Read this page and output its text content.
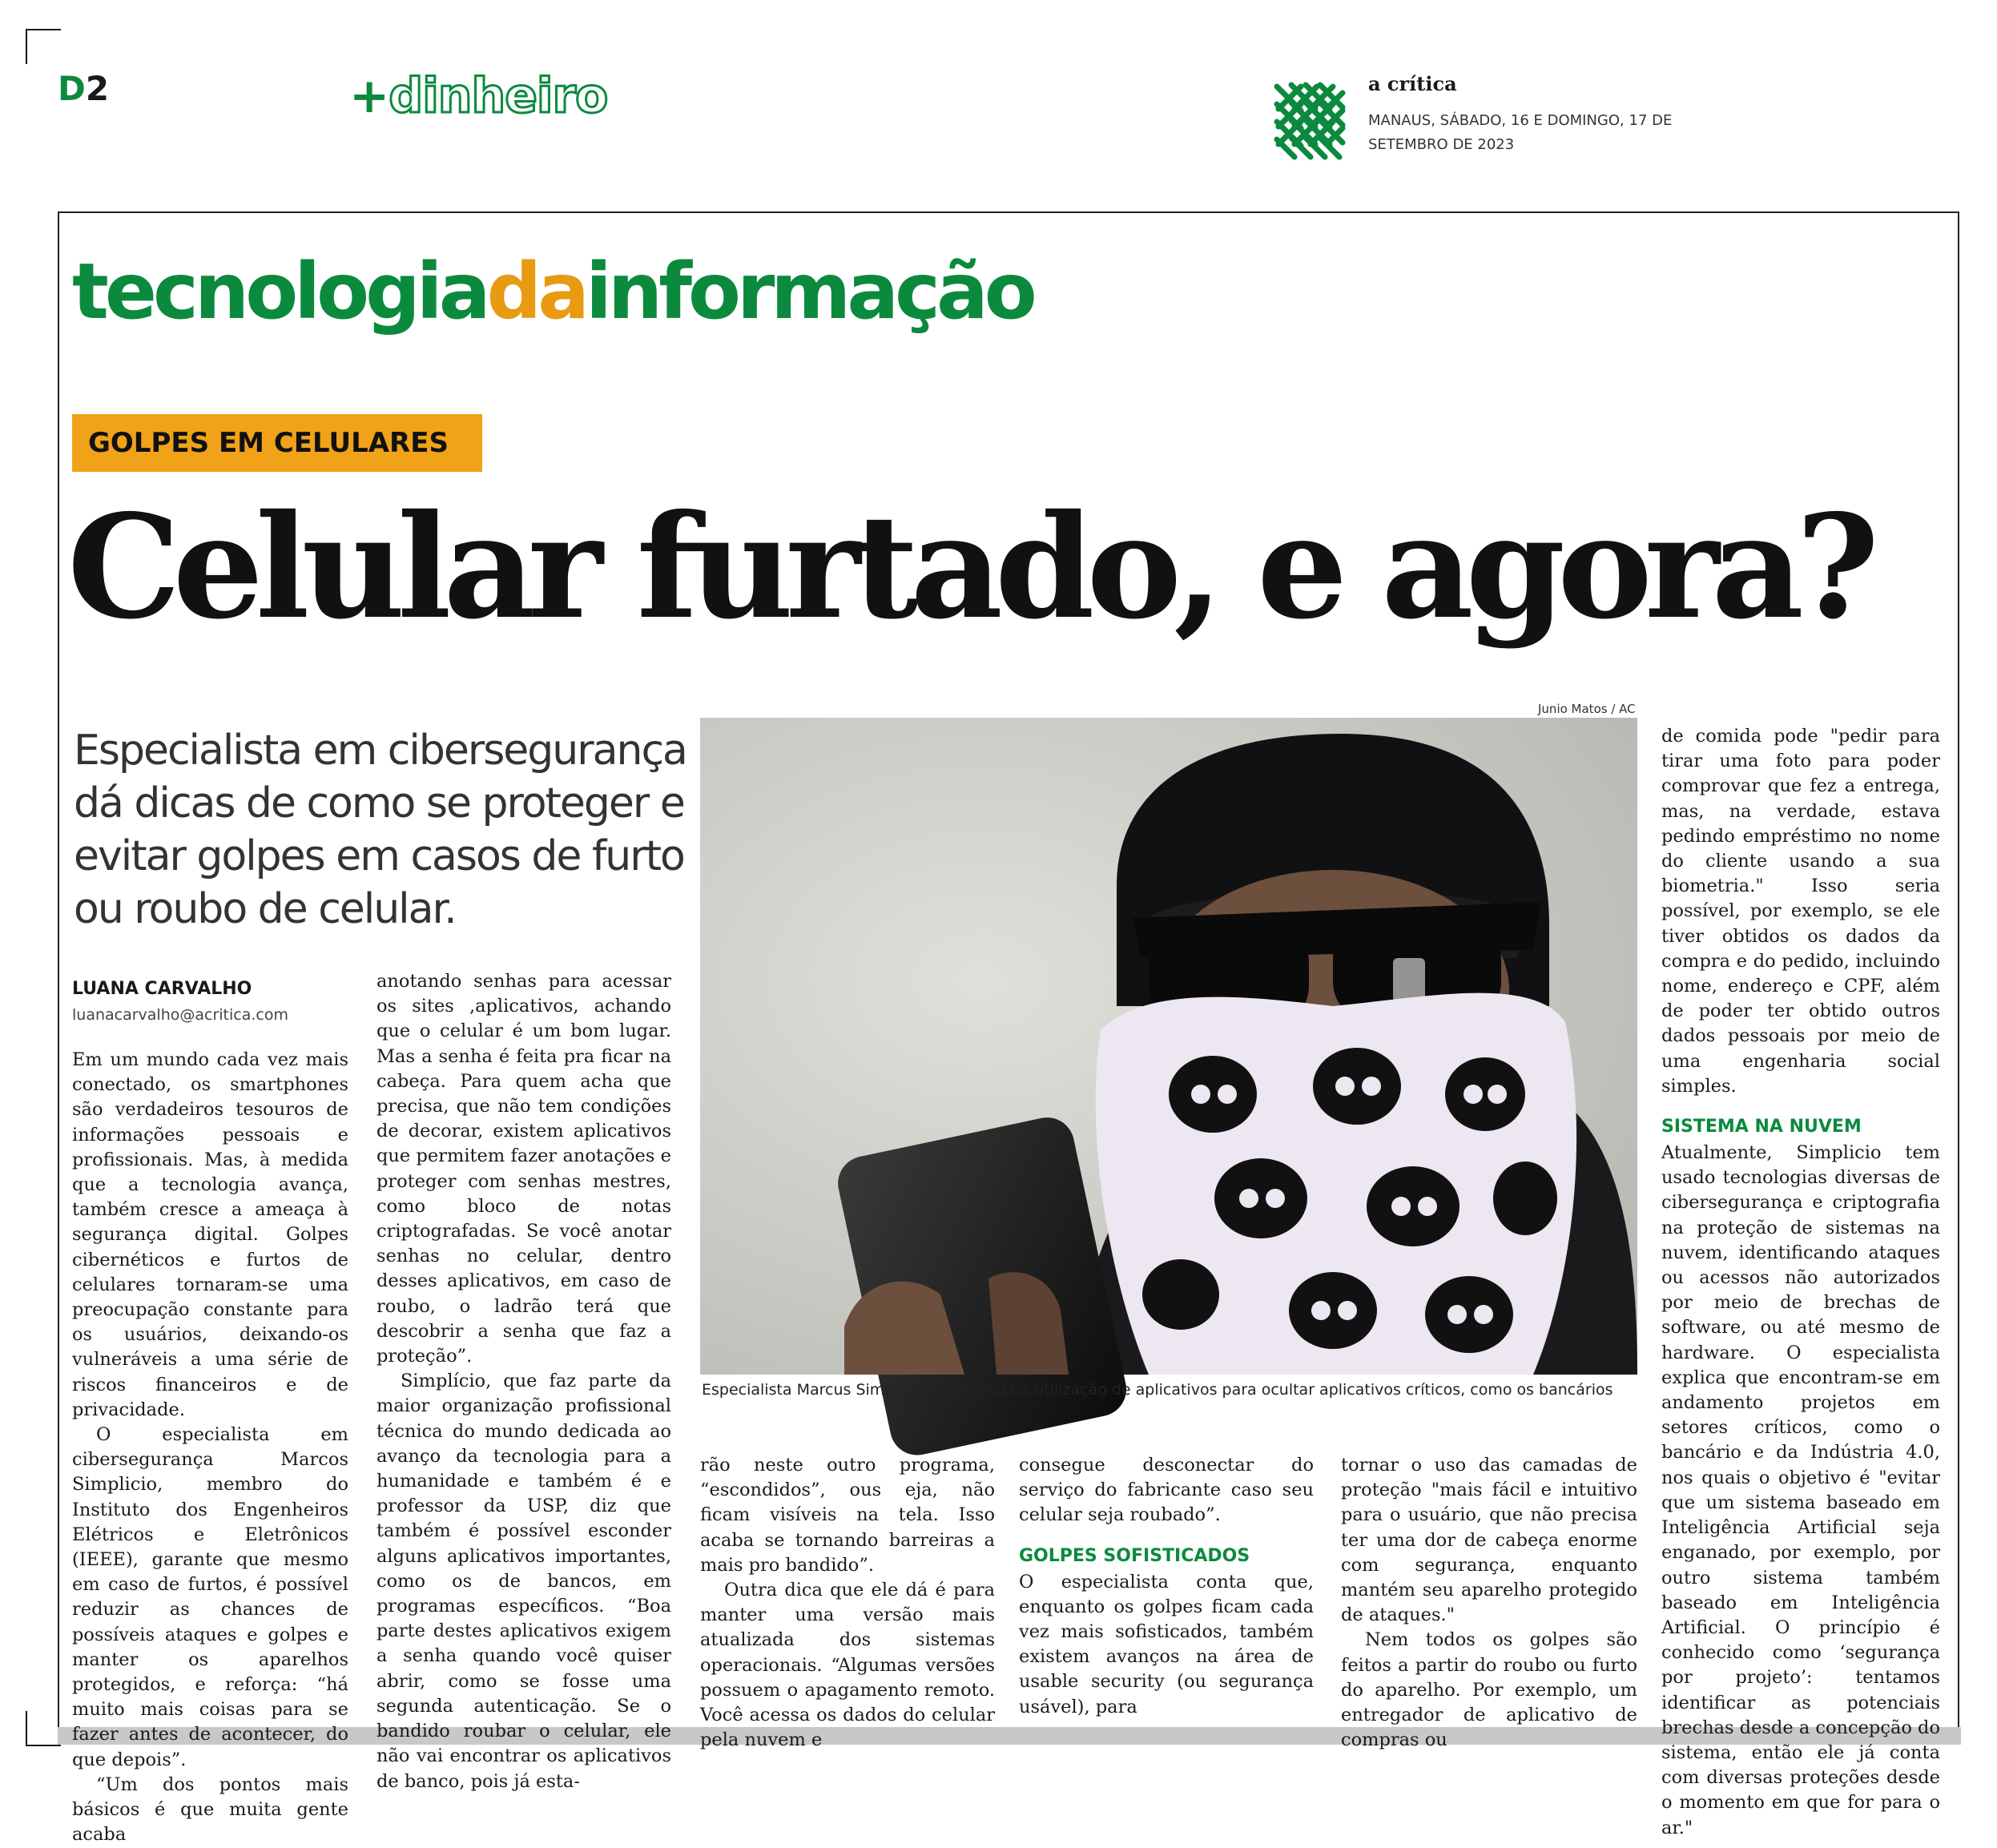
D2	+dinheiro	a crítica
MANAUS, SÁBADO, 16 E DOMINGO, 17 DE SETEMBRO DE 2023
tecnologiadainformação
GOLPES EM CELULARES
Celular furtado, e agora?
Especialista em cibersegurança dá dicas de como se proteger e evitar golpes em casos de furto ou roubo de celular.
Junio Matos / AC
Especialista Marcus Simplício recomenda a utilização de aplicativos para ocultar aplicativos críticos, como os bancários
LUANA CARVALHO
luanacarvalho@acritica.com

Em um mundo cada vez mais conectado, os smartphones são verdadeiros tesouros de informações pessoais e profissionais. Mas, à medida que a tecnologia avança, também cresce a ameaça à segurança digital. Golpes cibernéticos e furtos de celulares tornaram-se uma preocupação constante para os usuários, deixando-os vulneráveis a uma série de riscos financeiros e de privacidade.

O especialista em cibersegurança Marcos Simplicio, membro do Instituto dos Engenheiros Elétricos e Eletrônicos (IEEE), garante que mesmo em caso de furtos, é possível reduzir as chances de possíveis ataques e golpes e manter os aparelhos protegidos, e reforça: “há muito mais coisas para se fazer antes de acontecer, do que depois”.

“Um dos pontos mais básicos é que muita gente acaba

anotando senhas para acessar os sites ,aplicativos, achando que o celular é um bom lugar. Mas a senha é feita pra ficar na cabeça. Para quem acha que precisa, que não tem condições de decorar, existem aplicativos que permitem fazer anotações e proteger com senhas mestres, como bloco de notas criptografadas. Se você anotar senhas no celular, dentro desses aplicativos, em caso de roubo, o ladrão terá que descobrir a senha que faz a proteção”.

Simplício, que faz parte da maior organização profissional técnica do mundo dedicada ao avanço da tecnologia para a humanidade e também é e professor da USP, diz que também é possível esconder alguns aplicativos importantes, como os de bancos, em programas específicos. “Boa parte destes aplicativos exigem a senha quando você quiser abrir, como se fosse uma segunda autenticação. Se o bandido roubar o celular, ele não vai encontrar os aplicativos de banco, pois já esta-

rão neste outro programa, “escondidos”, ous eja, não ficam visíveis na tela. Isso acaba se tornando barreiras a mais pro bandido”.

Outra dica que ele dá é para manter uma versão mais atualizada dos sistemas operacionais. “Algumas versões possuem o apagamento remoto. Você acessa os dados do celular pela nuvem e

consegue desconectar do serviço do fabricante caso seu celular seja roubado”.

GOLPES SOFISTICADOS

O especialista conta que, enquanto os golpes ficam cada vez mais sofisticados, também existem avanços na área de usable security (ou segurança usável), para

tornar o uso das camadas de proteção "mais fácil e intuitivo para o usuário, que não precisa ter uma dor de cabeça enorme com segurança, enquanto mantém seu aparelho protegido de ataques."

Nem todos os golpes são feitos a partir do roubo ou furto do aparelho. Por exemplo, um entregador de aplicativo de compras ou

de comida pode "pedir para tirar uma foto para poder comprovar que fez a entrega, mas, na verdade, estava pedindo empréstimo no nome do cliente usando a sua biometria." Isso seria possível, por exemplo, se ele tiver obtidos os dados da compra e do pedido, incluindo nome, endereço e CPF, além de poder ter obtido outros dados pessoais por meio de uma engenharia social simples.

SISTEMA NA NUVEM

Atualmente, Simplicio tem usado tecnologias diversas de cibersegurança e criptografia na proteção de sistemas na nuvem, identificando ataques ou acessos não autorizados por meio de brechas de software, ou até mesmo de hardware. O especialista explica que encontram-se em andamento projetos em setores críticos, como o bancário e da Indústria 4.0, nos quais o objetivo é "evitar que um sistema baseado em Inteligência Artificial seja enganado, por exemplo, por outro sistema também baseado em Inteligência Artificial. O princípio é conhecido como ‘segurança por projeto’: tentamos identificar as potenciais brechas desde a concepção do sistema, então ele já conta com diversas proteções desde o momento em que for para o ar."
